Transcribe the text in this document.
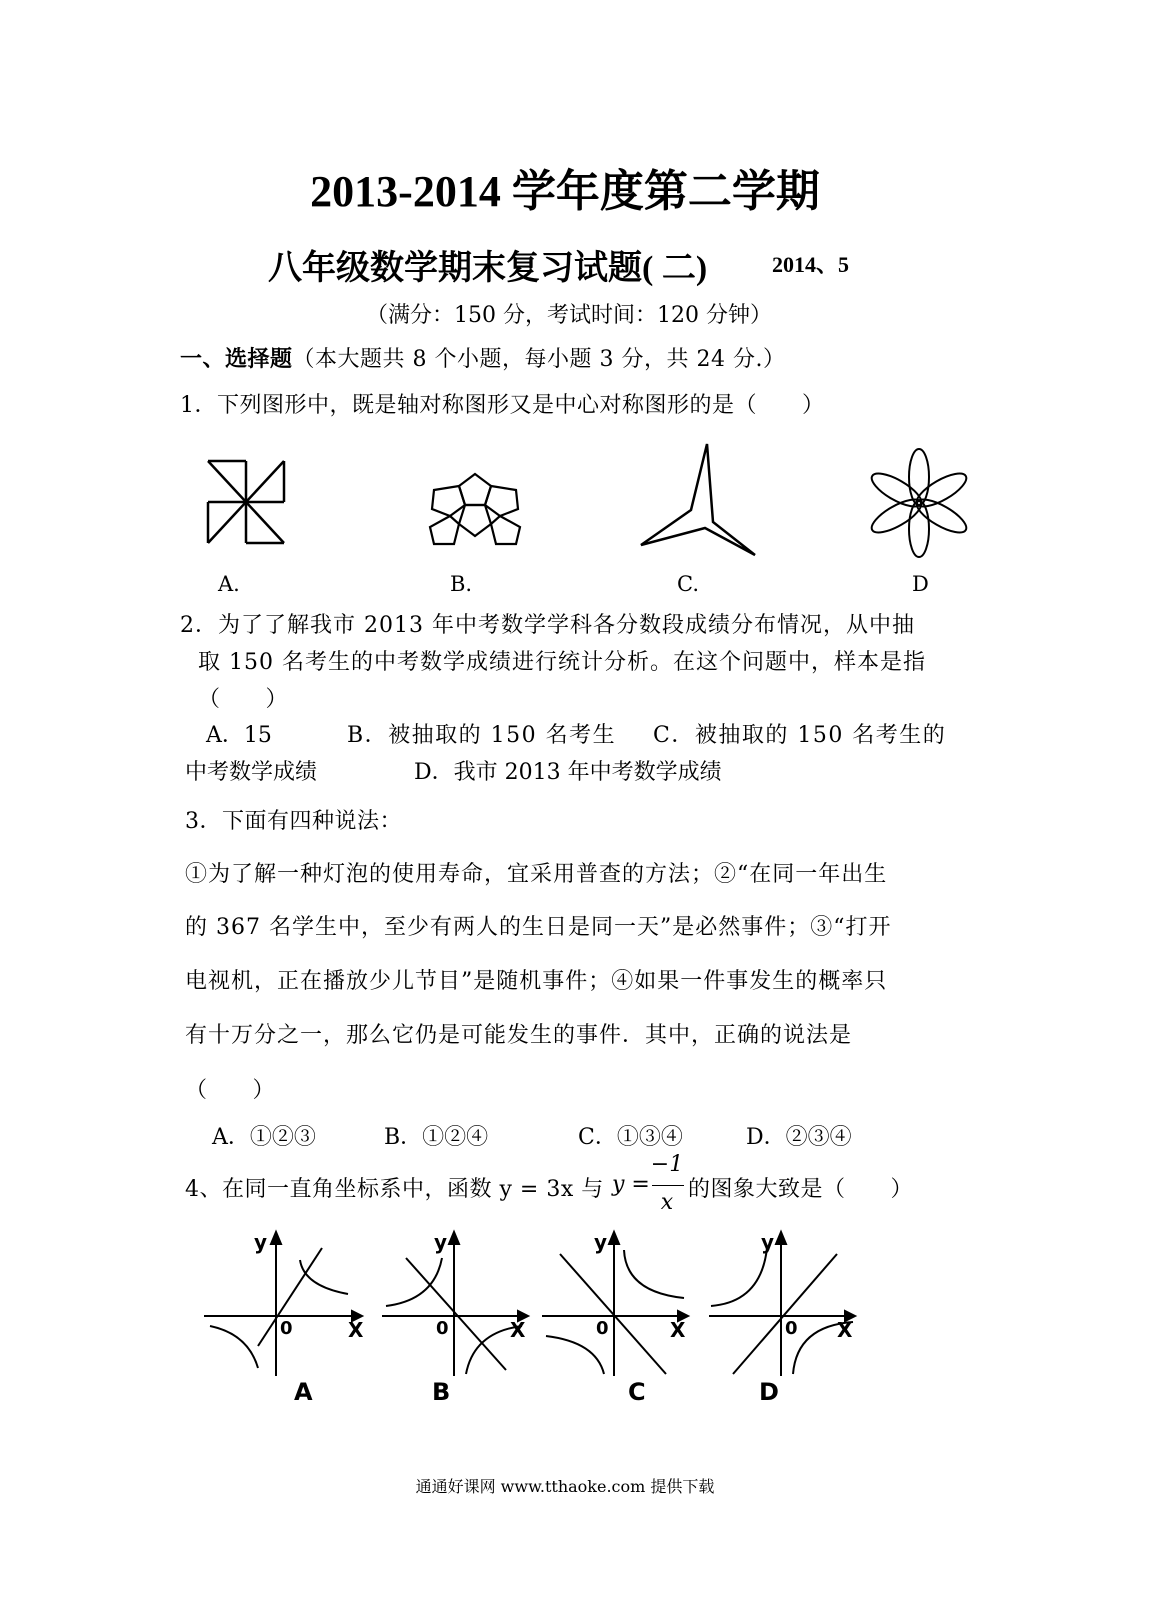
2013-2014 学年度第二学期
八年级数学期末复习试题( 二)	2014、5
（满分：150 分，考试时间：120 分钟）
一、选择题（本大题共 8 个小题，每小题 3 分，共 24 分.）
1．下列图形中，既是轴对称图形又是中心对称图形的是（　　）
A.	B.	C.	D
2．为了了解我市 2013 年中考数学学科各分数段成绩分布情况，从中抽
取 150 名考生的中考数学成绩进行统计分析。在这个问题中，样本是指
（　　）
A．15	B．被抽取的 150 名考生 C．被抽取的 150 名考生的
中考数学成绩	D．我市 2013 年中考数学成绩
3．下面有四种说法：
①为了解一种灯泡的使用寿命，宜采用普查的方法；②“在同一年出生
的 367 名学生中，至少有两人的生日是同一天”是必然事件；③“打开
电视机，正在播放少儿节目”是随机事件；④如果一件事发生的概率只
有十万分之一，那么它仍是可能发生的事件．其中，正确的说法是
（　　）
A．①②③	B．①②④	C．①③④	D．②③④
4、在同一直角坐标系中，函数 y = 3x 与 y =
−1
x
的图象大致是（　　）
y
X
0
A
y
X
0
B
y
X
0
C
y
X
0
D
通通好课网 www.tthaoke.com 提供下载
